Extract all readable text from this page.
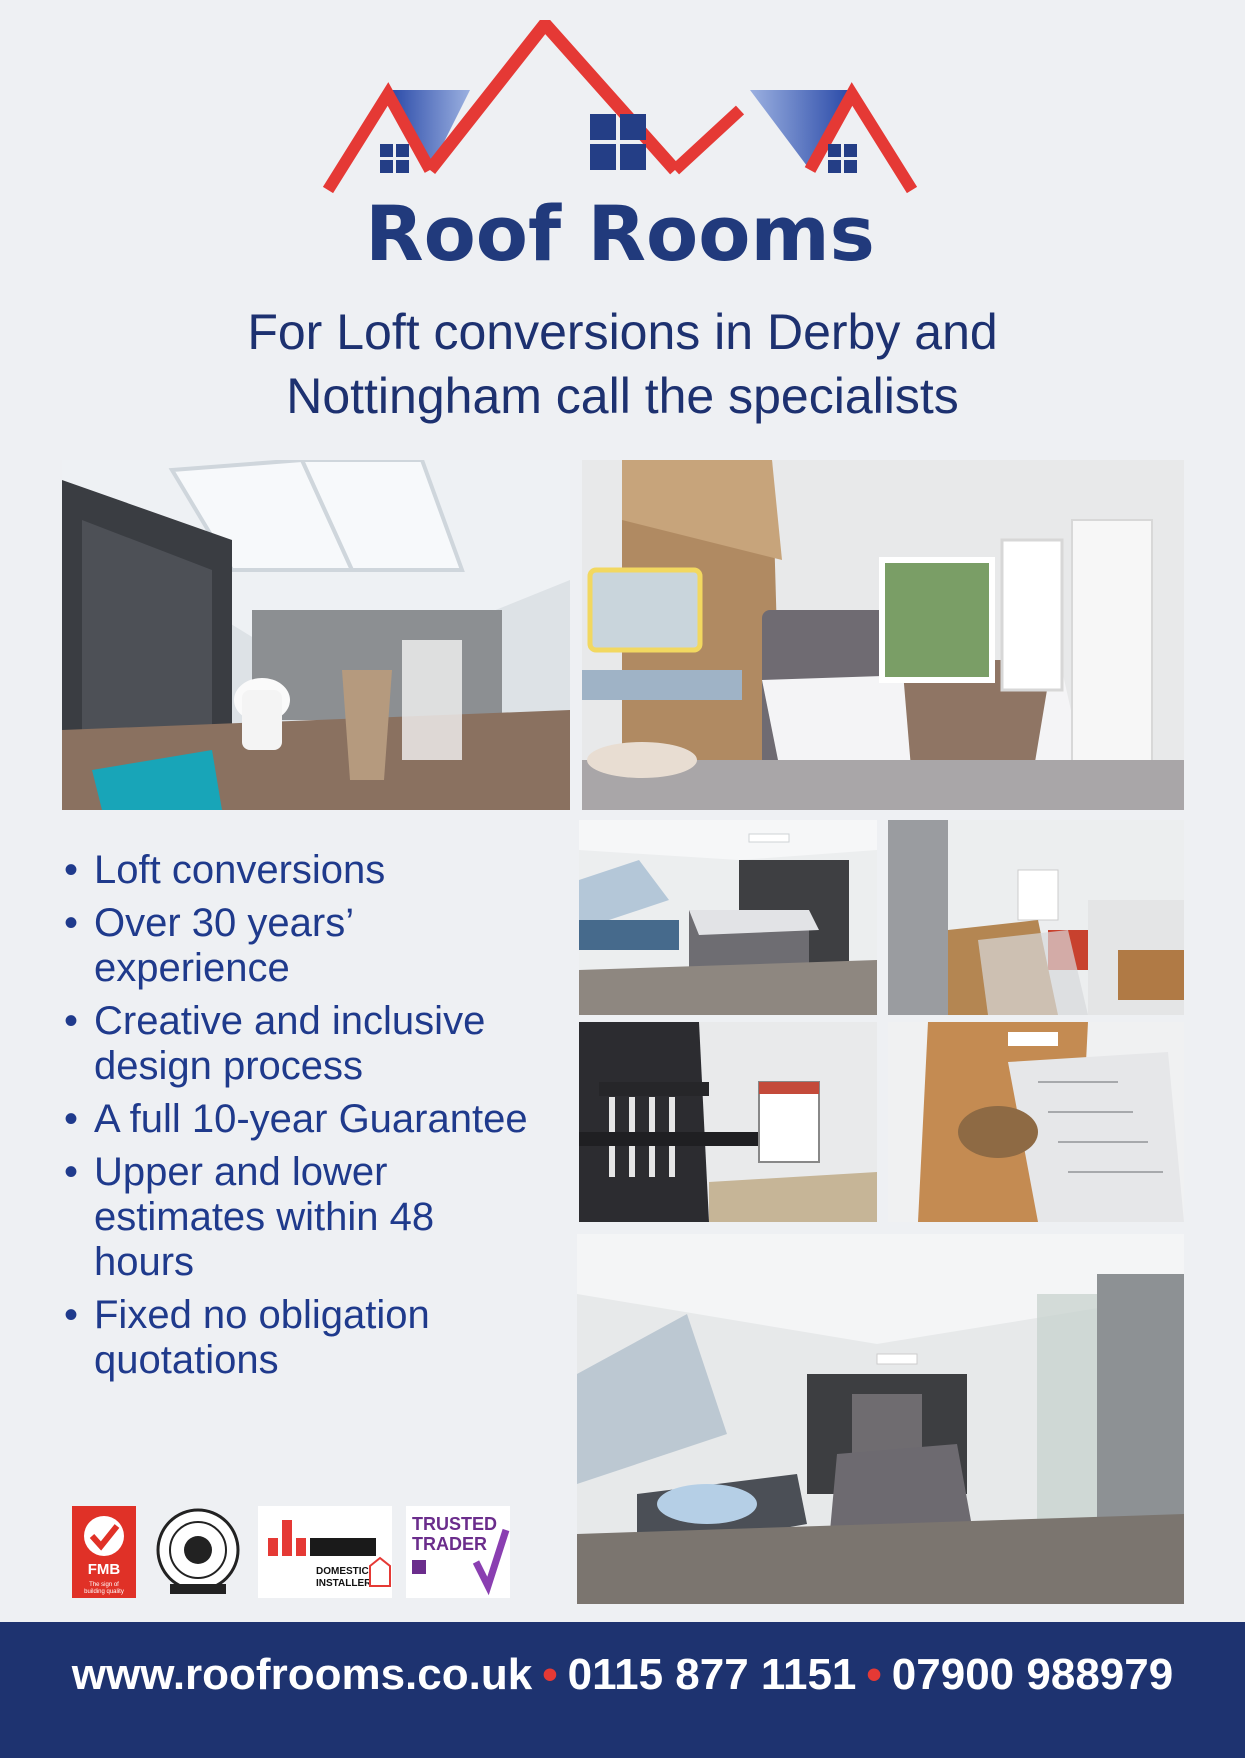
Roof Rooms
For Loft conversions in Derby and
Nottingham call the specialists
• Loft conversions
• Over 30 years’ experience
• Creative and inclusive design process
• A full 10-year Guarantee
• Upper and lower estimates within 48 hours
• Fixed no obligation quotations
FMB
The sign of
building quality
DOMESTIC
INSTALLER
TRUSTED
TRADER
www.roofrooms.co.uk • 0115 877 1151 • 07900 988979
